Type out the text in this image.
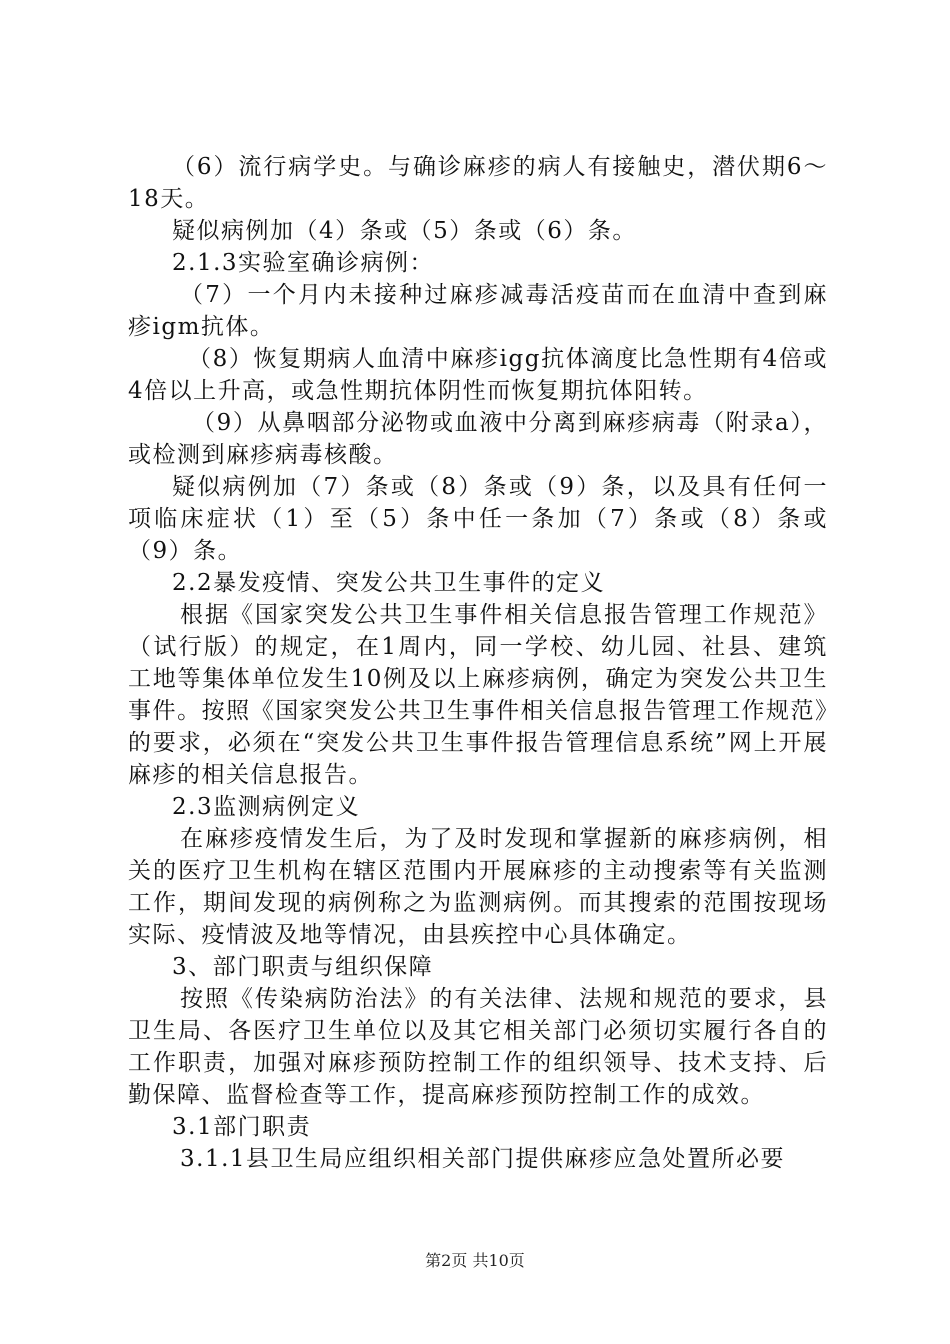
（6）流行病学史。与确诊麻疹的病人有接触史，潜伏期6～18天。

疑似病例加（4）条或（5）条或（6）条。

2.1.3实验室确诊病例：

（7）一个月内未接种过麻疹减毒活疫苗而在血清中查到麻疹igm抗体。

（8）恢复期病人血清中麻疹igg抗体滴度比急性期有4倍或4倍以上升高，或急性期抗体阴性而恢复期抗体阳转。

（9）从鼻咽部分泌物或血液中分离到麻疹病毒（附录a），或检测到麻疹病毒核酸。

疑似病例加（7）条或（8）条或（9）条，以及具有任何一项临床症状（1）至（5）条中任一条加（7）条或（8）条或（9）条。

2.2暴发疫情、突发公共卫生事件的定义

根据《国家突发公共卫生事件相关信息报告管理工作规范》（试行版）的规定，在1周内，同一学校、幼儿园、社县、建筑工地等集体单位发生10例及以上麻疹病例，确定为突发公共卫生事件。按照《国家突发公共卫生事件相关信息报告管理工作规范》的要求，必须在“突发公共卫生事件报告管理信息系统”网上开展麻疹的相关信息报告。

2.3监测病例定义

在麻疹疫情发生后，为了及时发现和掌握新的麻疹病例，相关的医疗卫生机构在辖区范围内开展麻疹的主动搜索等有关监测工作，期间发现的病例称之为监测病例。而其搜索的范围按现场实际、疫情波及地等情况，由县疾控中心具体确定。

3、部门职责与组织保障

按照《传染病防治法》的有关法律、法规和规范的要求，县卫生局、各医疗卫生单位以及其它相关部门必须切实履行各自的工作职责，加强对麻疹预防控制工作的组织领导、技术支持、后勤保障、监督检查等工作，提高麻疹预防控制工作的成效。

3.1部门职责

3.1.1县卫生局应组织相关部门提供麻疹应急处置所必要

第2页 共10页
